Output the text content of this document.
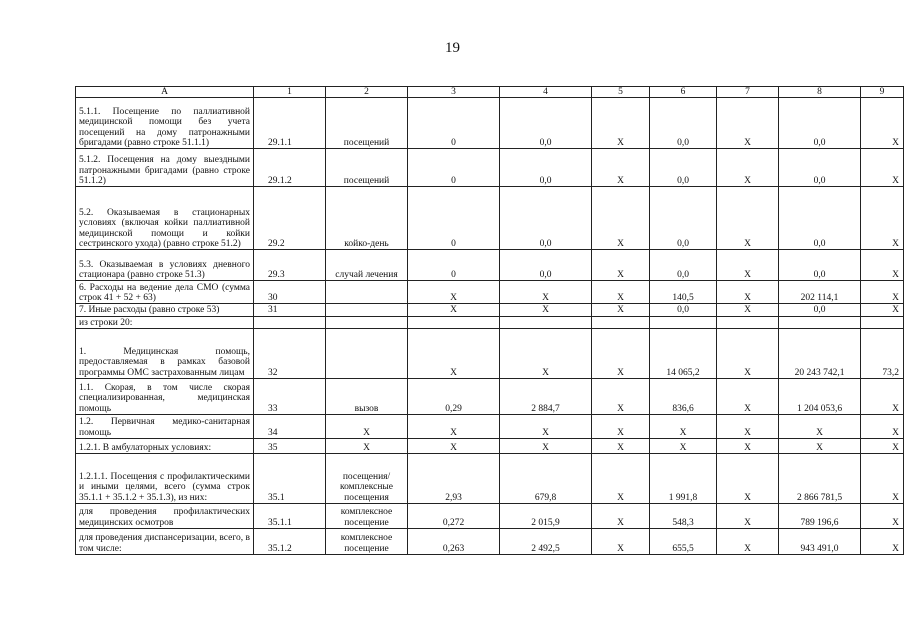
19
А	1	2	3	4	5	6	7	8	9
5.1.1. Посещение по паллиативной медицинской помощи без учета посещений на дому патронажными бригадами (равно строке 51.1.1)	29.1.1	посещений	0	0,0	Х	0,0	Х	0,0	Х
5.1.2. Посещения на дому выездными патронажными бригадами (равно строке 51.1.2)	29.1.2	посещений	0	0,0	Х	0,0	Х	0,0	Х
5.2. Оказываемая в стационарных условиях (включая койки паллиативной медицинской помощи и койки сестринского ухода) (равно строке 51.2)	29.2	койко-день	0	0,0	Х	0,0	Х	0,0	Х
5.3. Оказываемая в условиях дневного стационара (равно строке 51.3)	29.3	случай лечения	0	0,0	Х	0,0	Х	0,0	Х
6. Расходы на ведение дела СМО (сумма строк 41 + 52 + 63)	30		Х	Х	Х	140,5	Х	202 114,1	Х
7. Иные расходы (равно строке 53)	31		Х	Х	Х	0,0	Х	0,0	Х
из строки 20:									
1. Медицинская помощь, предоставляемая в рамках базовой программы ОМС застрахованным лицам	32		Х	Х	Х	14 065,2	Х	20 243 742,1	73,2
1.1. Скорая, в том числе скорая специализированная, медицинская помощь	33	вызов	0,29	2 884,7	Х	836,6	Х	1 204 053,6	Х
1.2. Первичная медико-санитарная помощь	34	Х	Х	Х	Х	Х	Х	Х	Х
1.2.1. В амбулаторных условиях:	35	Х	Х	Х	Х	Х	Х	Х	Х
1.2.1.1. Посещения с профилактическими и иными целями, всего (сумма строк 35.1.1 + 35.1.2 + 35.1.3), из них:	35.1	посещения/ комплексные посещения	2,93	679,8	Х	1 991,8	Х	2 866 781,5	Х
для проведения профилактических медицинских осмотров	35.1.1	комплексное посещение	0,272	2 015,9	Х	548,3	Х	789 196,6	Х
для проведения диспансеризации, всего, в том числе:	35.1.2	комплексное посещение	0,263	2 492,5	Х	655,5	Х	943 491,0	Х
